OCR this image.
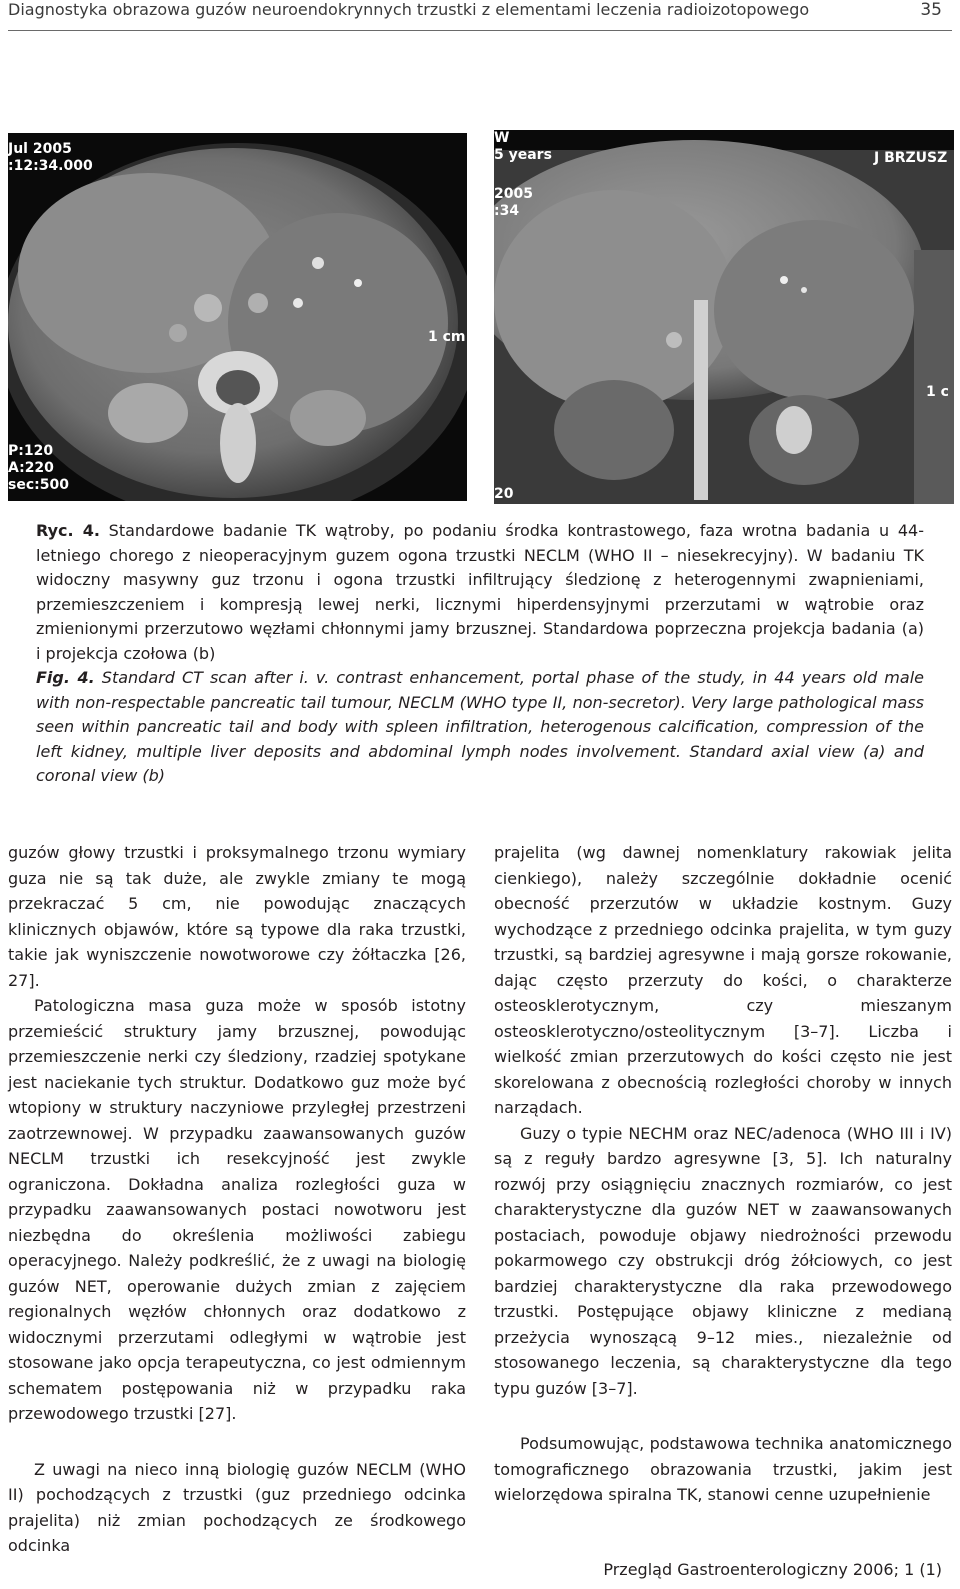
Diagnostyka obrazowa guzów neuroendokrynnych trzustki z elementami leczenia radioizotopowego	35
Jul 2005
:12:34.000
1 cm
P:120
A:220
sec:500
W
5 years	J BRZUSZ
2005
:34
1 c
20

Ryc. 4. Standardowe badanie TK wątroby, po podaniu środka kontrastowego, faza wrotna badania u 44-letniego chorego z nieoperacyjnym guzem ogona trzustki NECLM (WHO II – niesekrecyjny). W badaniu TK widoczny masywny guz trzonu i ogona trzustki infiltrujący śledzionę z heterogennymi zwapnieniami, przemieszczeniem i kompresją lewej nerki, licznymi hiperdensyjnymi przerzutami w wątrobie oraz zmienionymi przerzutowo węzłami chłonnymi jamy brzusznej. Standardowa poprzeczna projekcja badania (a) i projekcja czołowa (b)

Fig. 4. Standard CT scan after i. v. contrast enhancement, portal phase of the study, in 44 years old male with non-respectable pancreatic tail tumour, NECLM (WHO type II, non-secretor). Very large pathological mass seen within pancreatic tail and body with spleen infiltration, heterogenous calcification, compression of the left kidney, multiple liver deposits and abdominal lymph nodes involvement. Standard axial view (a) and coronal view (b)

guzów głowy trzustki i proksymalnego trzonu wymiary guza nie są tak duże, ale zwykle zmiany te mogą przekraczać 5 cm, nie powodując znaczących klinicznych objawów, które są typowe dla raka trzustki, takie jak wyniszczenie nowotworowe czy żółtaczka [26, 27].

Patologiczna masa guza może w sposób istotny przemieścić struktury jamy brzusznej, powodując przemieszczenie nerki czy śledziony, rzadziej spotykane jest naciekanie tych struktur. Dodatkowo guz może być wtopiony w struktury naczyniowe przyległej przestrzeni zaotrzewnowej. W przypadku zaawansowanych guzów NECLM trzustki ich resekcyjność jest zwykle ograniczona. Dokładna analiza rozległości guza w przypadku zaawansowanych postaci nowotworu jest niezbędna do określenia możliwości zabiegu operacyjnego. Należy podkreślić, że z uwagi na biologię guzów NET, operowanie dużych zmian z zajęciem regionalnych węzłów chłonnych oraz dodatkowo z widocznymi przerzutami odległymi w wątrobie jest stosowane jako opcja terapeutyczna, co jest odmiennym schematem postępowania niż w przypadku raka przewodowego trzustki [27].

Z uwagi na nieco inną biologię guzów NECLM (WHO II) pochodzących z trzustki (guz przedniego odcinka prajelita) niż zmian pochodzących ze środkowego odcinka

prajelita (wg dawnej nomenklatury rakowiak jelita cienkiego), należy szczególnie dokładnie ocenić obecność przerzutów w układzie kostnym. Guzy wychodzące z przedniego odcinka prajelita, w tym guzy trzustki, są bardziej agresywne i mają gorsze rokowanie, dając często przerzuty do kości, o charakterze osteosklerotycznym, czy mieszanym osteosklerotyczno/osteolitycznym [3–7]. Liczba i wielkość zmian przerzutowych do kości często nie jest skorelowana z obecnością rozległości choroby w innych narządach.

Guzy o typie NECHM oraz NEC/adenoca (WHO III i IV) są z reguły bardzo agresywne [3, 5]. Ich naturalny rozwój przy osiągnięciu znacznych rozmiarów, co jest charakterystyczne dla guzów NET w zaawansowanych postaciach, powoduje objawy niedrożności przewodu pokarmowego czy obstrukcji dróg żółciowych, co jest bardziej charakterystyczne dla raka przewodowego trzustki. Postępujące objawy kliniczne z medianą przeżycia wynoszącą 9–12 mies., niezależnie od stosowanego leczenia, są charakterystyczne dla tego typu guzów [3–7].

Podsumowując, podstawowa technika anatomicznego tomograficznego obrazowania trzustki, jakim jest wielorzędowa spiralna TK, stanowi cenne uzupełnienie

Przegląd Gastroenterologiczny 2006; 1 (1)
